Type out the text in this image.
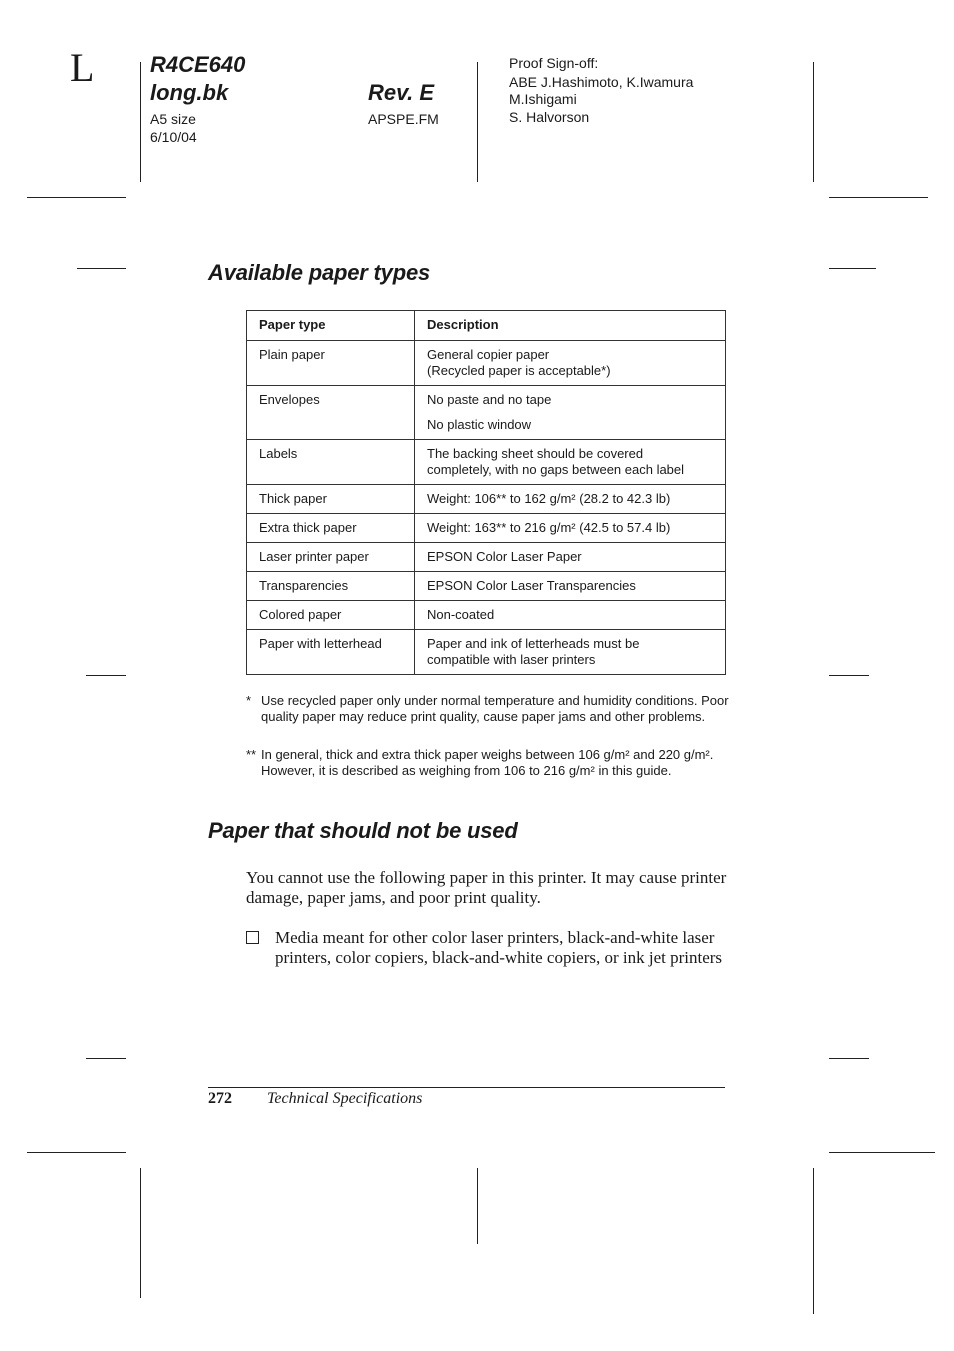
L	R4CE640
long.bk	Rev. E
A5 size
6/10/04
APSPE.FM
Proof Sign-off:
ABE J.Hashimoto, K.Iwamura
M.Ishigami
S. Halvorson
Available paper types
Paper type	Description
Plain paper	General copier paper
(Recycled paper is acceptable*)

Envelopes	No paste and no tape
No plastic window

Labels	The backing sheet should be covered
completely, with no gaps between each label

Thick paper	Weight: 106** to 162 g/m² (28.2 to 42.3 lb)

Extra thick paper	Weight: 163** to 216 g/m² (42.5 to 57.4 lb)

Laser printer paper	EPSON Color Laser Paper

Transparencies	EPSON Color Laser Transparencies

Colored paper	Non-coated

Paper with letterhead	Paper and ink of letterheads must be
compatible with laser printers
* Use recycled paper only under normal temperature and humidity conditions. Poor quality paper may reduce print quality, cause paper jams and other problems.
** In general, thick and extra thick paper weighs between 106 g/m² and 220 g/m². However, it is described as weighing from 106 to 216 g/m² in this guide.
Paper that should not be used
You cannot use the following paper in this printer. It may cause printer damage, paper jams, and poor print quality.
Media meant for other color laser printers, black-and-white laser printers, color copiers, black-and-white copiers, or ink jet printers
272 Technical Specifications
